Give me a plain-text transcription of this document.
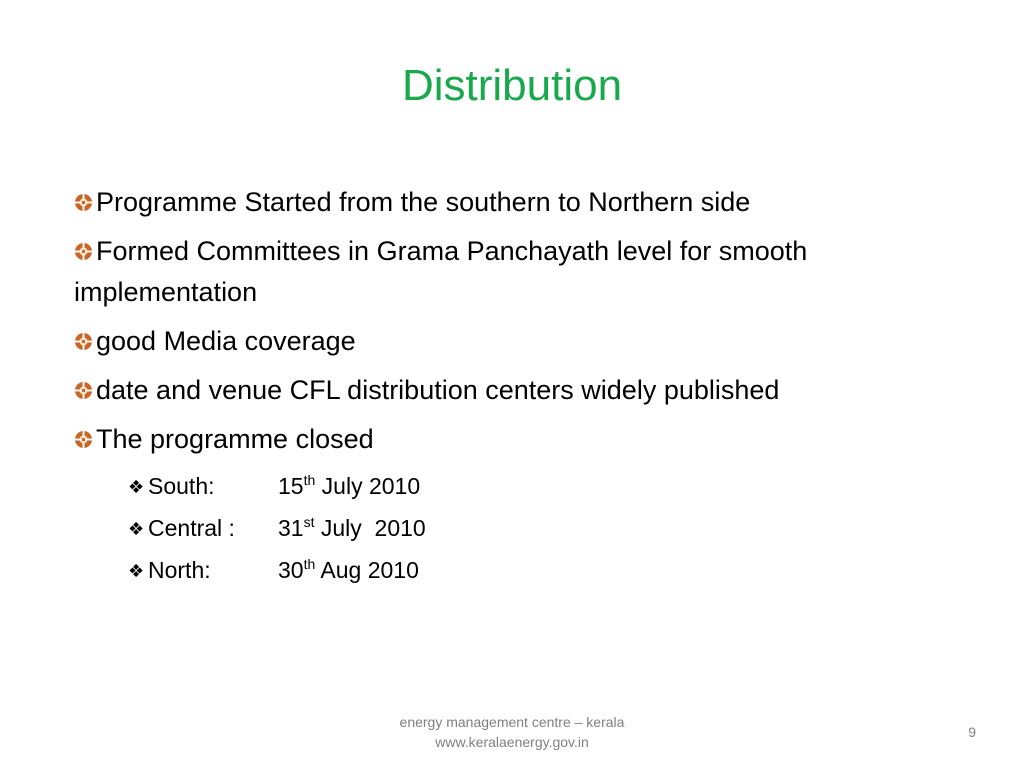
Distribution
Programme Started from the southern to Northern side
Formed Committees in Grama Panchayath level for smooth implementation
good Media coverage
date and venue CFL distribution centers widely published
The programme closed
❖ South:	15th July 2010
❖ Central : 31st July  2010
❖ North:	30th Aug 2010
energy management centre – kerala
www.keralaenergy.gov.in
9
